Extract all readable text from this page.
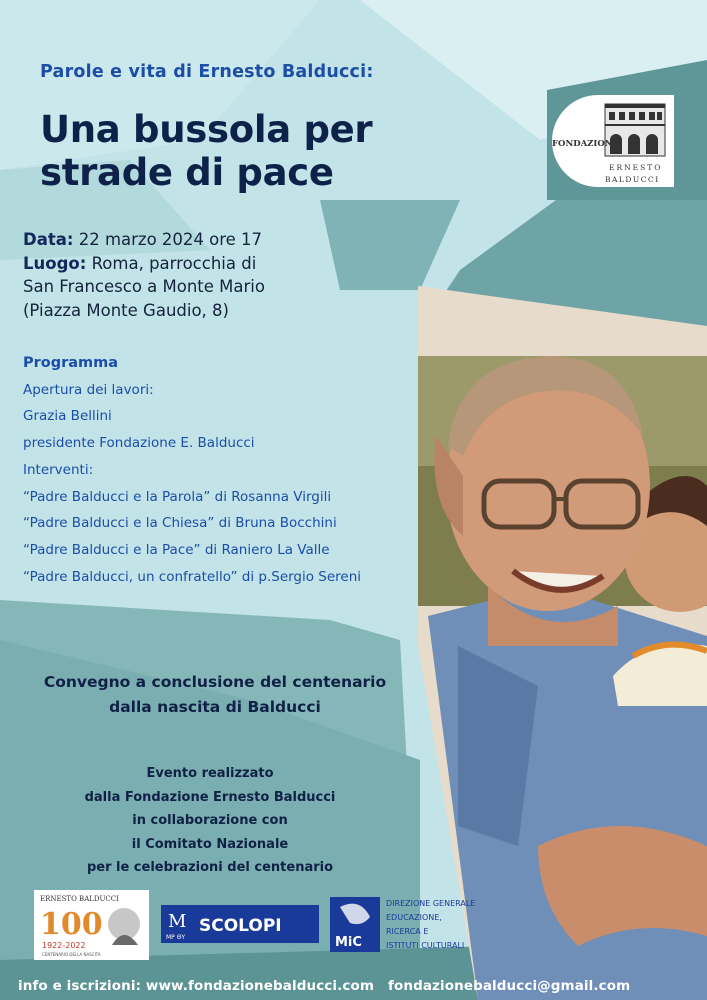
Parole e vita di Ernesto Balducci:
Una bussola per
strade di pace
FONDAZIONE
ERNESTO
BALDUCCI
Data: 22 marzo 2024 ore 17
Luogo: Roma, parrocchia di
San Francesco a Monte Mario
(Piazza Monte Gaudio, 8)
Programma
Apertura dei lavori:
Grazia Bellini
presidente Fondazione E. Balducci
Interventi:
“Padre Balducci e la Parola” di Rosanna Virgili
“Padre Balducci e la Chiesa” di Bruna Bocchini
“Padre Balducci e la Pace” di Raniero La Valle
“Padre Balducci, un confratello” di p.Sergio Sereni
Convegno a conclusione del centenario
dalla nascita di Balducci
Evento realizzato
dalla Fondazione Ernesto Balducci
in collaborazione con
il Comitato Nazionale
per le celebrazioni del centenario
ERNESTO BALDUCCI
100
1922-2022
CENTENARIO DELLA NASCITA
M
MP ΘY
SCOLOPI
MiC
DIREZIONE GENERALE
EDUCAZIONE,
RICERCA E
ISTITUTI CULTURALI
info e iscrizioni: www.fondazionebalducci.com fondazionebalducci@gmail.com
